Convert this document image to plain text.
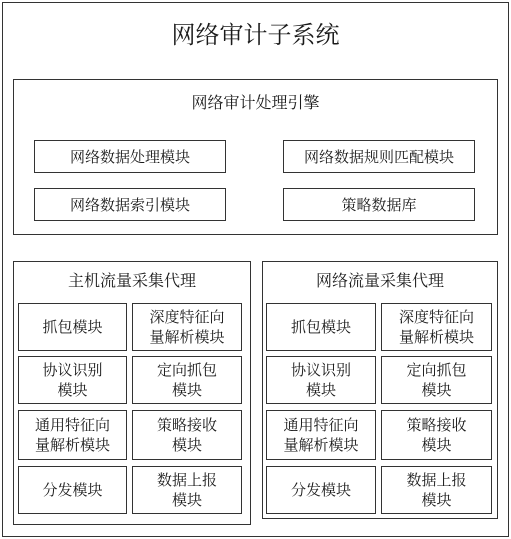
网络审计子系统
网络审计处理引擎
网络数据处理模块	网络数据规则匹配模块
网络数据索引模块	策略数据库
主机流量采集代理
抓包模块
深度特征向
量解析模块
协议识别
模块
定向抓包
模块
通用特征向
量解析模块
策略接收
模块
分发模块
数据上报
模块
网络流量采集代理
抓包模块
深度特征向
量解析模块
协议识别
模块
定向抓包
模块
通用特征向
量解析模块
策略接收
模块
分发模块
数据上报
模块
